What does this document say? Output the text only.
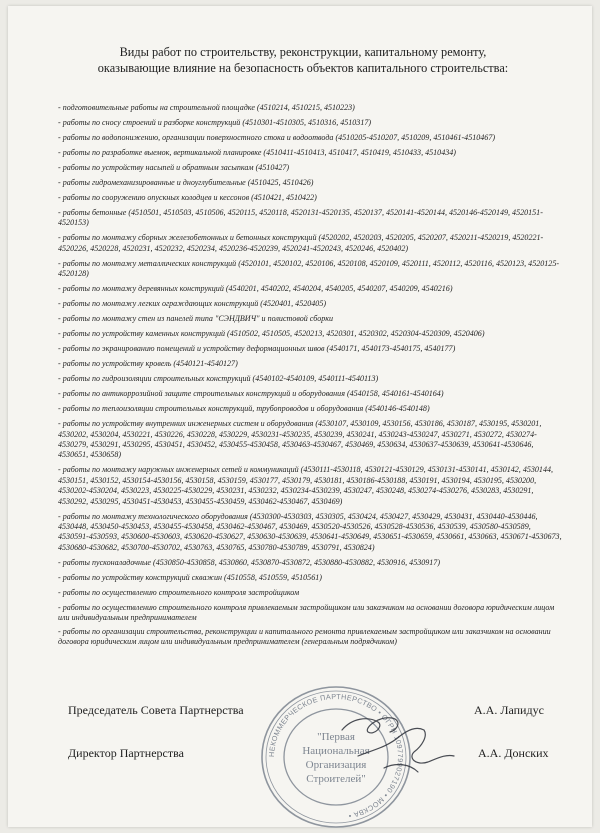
Виды работ по строительству, реконструкции, капитальному ремонту,
оказывающие влияние на безопасность объектов капитального строительства:
- подготовительные работы на строительной площадке (4510214, 4510215, 4510223)
- работы по сносу строений и разборке конструкций (4510301-4510305, 4510316, 4510317)
- работы по водопонижению, организации поверхностного стока и водоотвода (4510205-4510207, 4510209, 4510461-4510467)
- работы по разработке выемок, вертикальной планировке (4510411-4510413, 4510417, 4510419, 4510433, 4510434)
- работы по устройству насыпей и обратным засыпкам (4510427)
- работы гидромеханизированные и дноуглубительные (4510425, 4510426)
- работы по сооружению опускных колодцев и кессонов (4510421, 4510422)
- работы бетонные (4510501, 4510503, 4510506, 4520115, 4520118, 4520131-4520135, 4520137, 4520141-4520144, 4520146-4520149, 4520151-4520153)
- работы по монтажу сборных железобетонных и бетонных конструкций (4520202, 4520203, 4520205, 4520207, 4520211-4520219, 4520221-4520226, 4520228, 4520231, 4520232, 4520234, 4520236-4520239, 4520241-4520243, 4520246, 4520402)
- работы по монтажу металлических конструкций (4520101, 4520102, 4520106, 4520108, 4520109, 4520111, 4520112, 4520116, 4520123, 4520125-4520128)
- работы по монтажу деревянных конструкций (4540201, 4540202, 4540204, 4540205, 4540207, 4540209, 4540216)
- работы по монтажу легких ограждающих конструкций (4520401, 4520405)
- работы по монтажу стен из панелей типа "СЭНДВИЧ" и полистовой сборки
- работы по устройству каменных конструкций (4510502, 4510505, 4520213, 4520301, 4520302, 4520304-4520309, 4520406)
- работы по экранированию помещений и устройству деформационных швов (4540171, 4540173-4540175, 4540177)
- работы по устройству кровель (4540121-4540127)
- работы по гидроизоляции строительных конструкций (4540102-4540109, 4540111-4540113)
- работы по антикоррозийной защите строительных конструкций и оборудования (4540158, 4540161-4540164)
- работы по теплоизоляции строительных конструкций, трубопроводов и оборудования (4540146-4540148)
- работы по устройству внутренних инженерных систем и оборудования (4530107, 4530109, 4530156, 4530186, 4530187, 4530195, 4530201, 4530202, 4530204, 4530221, 4530226, 4530228, 4530229, 4530231-4530235, 4530239, 4530241, 4530243-4530247, 4530271, 4530272, 4530274-4530279, 4530291, 4530295, 4530451, 4530452, 4530455-4530458, 4530463-4530467, 4530469, 4530634, 4530637-4530639, 4530641-4530646, 4530651, 4530658)
- работы по монтажу наружных инженерных сетей и коммуникаций (4530111-4530118, 4530121-4530129, 4530131-4530141, 4530142, 4530144, 4530151, 4530152, 4530154-4530156, 4530158, 4530159, 4530177, 4530179, 4530181, 4530186-4530188, 4530191, 4530194, 4530195, 4530200, 4530202-4530204, 4530223, 4530225-4530229, 4530231, 4530232, 4530234-4530239, 4530247, 4530248, 4530274-4530276, 4530283, 4530291, 4530292, 4530295, 4530451-4530453, 4530455-4530459, 4530462-4530467, 4530469)
- работы по монтажу технологического оборудования (4530300-4530303, 4530305, 4530424, 4530427, 4530429, 4530431, 4530440-4530446, 4530448, 4530450-4530453, 4530455-4530458, 4530462-4530467, 4530469, 4530520-4530526, 4530528-4530536, 4530539, 4530580-4530589, 4530591-4530593, 4530600-4530603, 4530620-4530627, 4530630-4530639, 4530641-4530649, 4530651-4530659, 4530661, 4530663, 4530671-4530673, 4530680-4530682, 4530700-4530702, 4530763, 4530765, 4530780-4530789, 4530791, 4530824)
- работы пусконаладочные (4530850-4530858, 4530860, 4530870-4530872, 4530880-4530882, 4530916, 4530917)
- работы по устройству конструкций скважин (4510558, 4510559, 4510561)
- работы по осуществлению строительного контроля застройщиком
- работы по осуществлению строительного контроля привлекаемым застройщиком или заказчиком на основании договора юридическим лицом или индивидуальным предпринимателем
- работы по организации строительства, реконструкции и капитального ремонта привлекаемым застройщиком или заказчиком на основании договора юридическим лицом или индивидуальным предпринимателем (генеральным подрядчиком)
Председатель Совета Партнерства	А.А. Лапидус
Директор Партнерства	А.А. Донских
НЕКОММЕРЧЕСКОЕ ПАРТНЕРСТВО • ОГРН 1097799027190 • МОСКВА •
"Первая
Национальная
Организация
Строителей"
